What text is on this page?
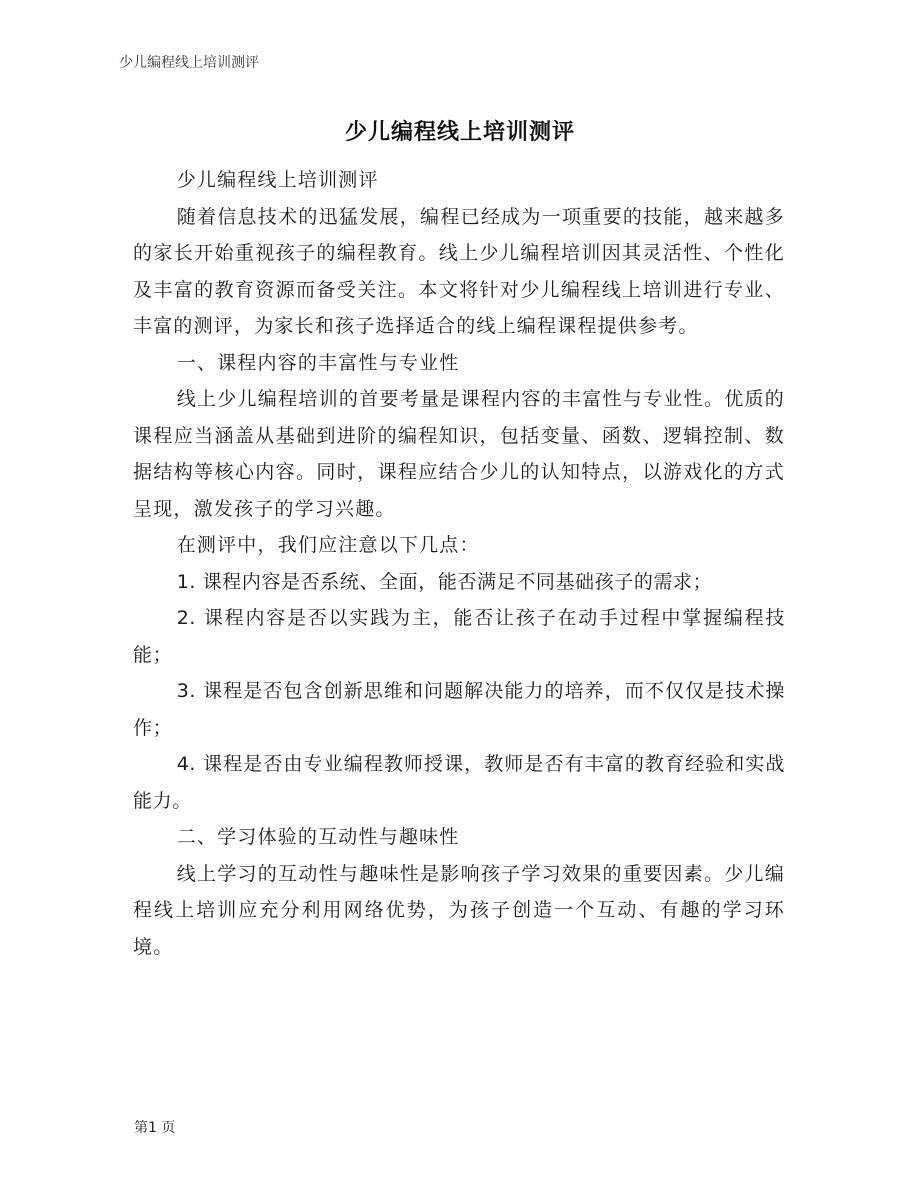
少儿编程线上培训测评
少儿编程线上培训测评

少儿编程线上培训测评

随着信息技术的迅猛发展，编程已经成为一项重要的技能，越来越多的家长开始重视孩子的编程教育。线上少儿编程培训因其灵活性、个性化及丰富的教育资源而备受关注。本文将针对少儿编程线上培训进行专业、丰富的测评，为家长和孩子选择适合的线上编程课程提供参考。

一、课程内容的丰富性与专业性

线上少儿编程培训的首要考量是课程内容的丰富性与专业性。优质的课程应当涵盖从基础到进阶的编程知识，包括变量、函数、逻辑控制、数据结构等核心内容。同时，课程应结合少儿的认知特点，以游戏化的方式呈现，激发孩子的学习兴趣。

在测评中，我们应注意以下几点：

1. 课程内容是否系统、全面，能否满足不同基础孩子的需求；

2. 课程内容是否以实践为主，能否让孩子在动手过程中掌握编程技能；

3. 课程是否包含创新思维和问题解决能力的培养，而不仅仅是技术操作；

4. 课程是否由专业编程教师授课，教师是否有丰富的教育经验和实战能力。

二、学习体验的互动性与趣味性

线上学习的互动性与趣味性是影响孩子学习效果的重要因素。少儿编程线上培训应充分利用网络优势，为孩子创造一个互动、有趣的学习环境。

第1 页
